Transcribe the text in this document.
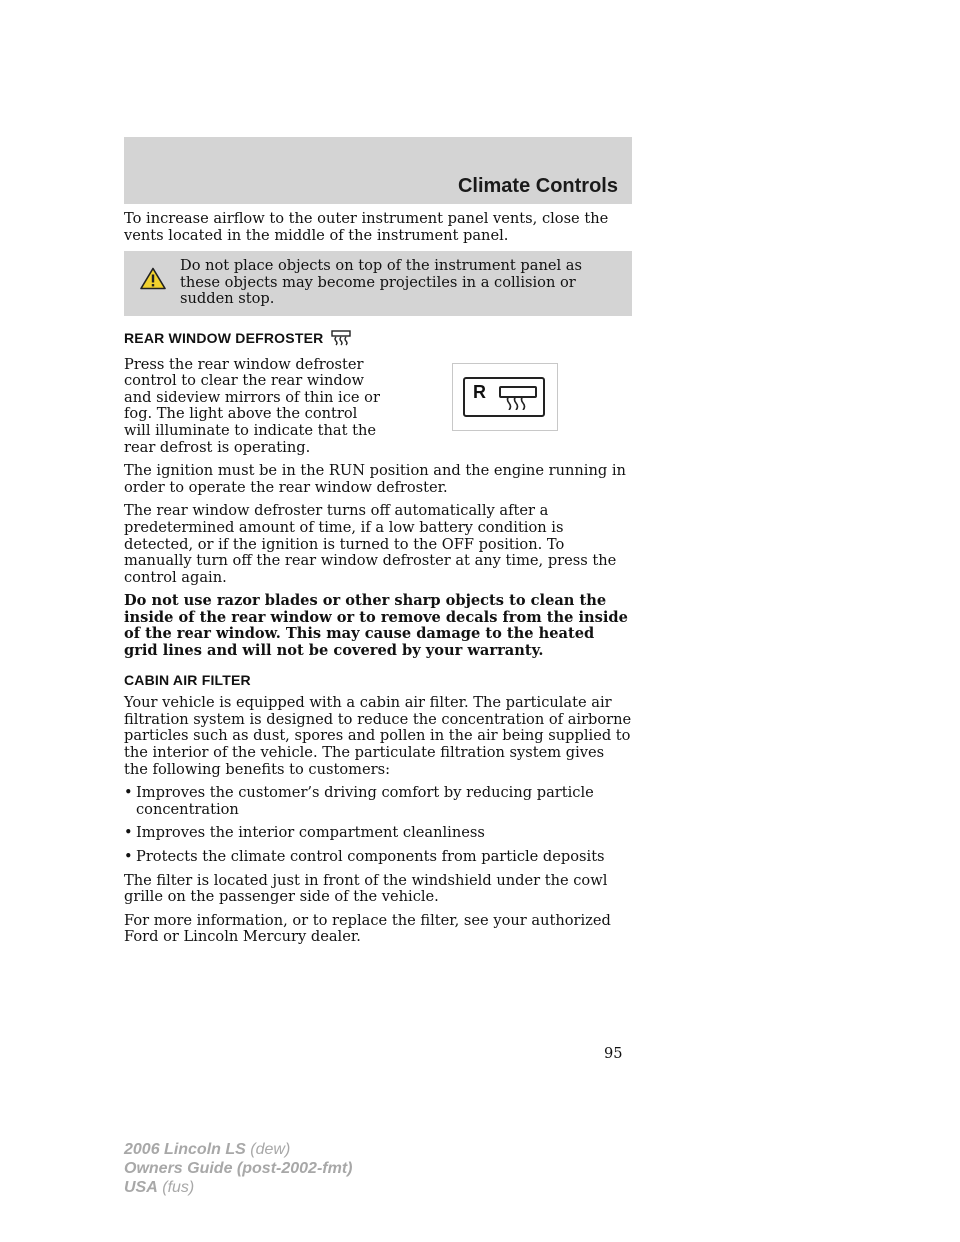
Climate Controls

To increase airflow to the outer instrument panel vents, close the vents located in the middle of the instrument panel.

Do not place objects on top of the instrument panel as these objects may become projectiles in a collision or sudden stop.
REAR WINDOW DEFROSTER
R

Press the rear window defroster control to clear the rear window and sideview mirrors of thin ice or fog. The light above the control will illuminate to indicate that the rear defrost is operating.

The ignition must be in the RUN position and the engine running in order to operate the rear window defroster.

The rear window defroster turns off automatically after a predetermined amount of time, if a low battery condition is detected, or if the ignition is turned to the OFF position. To manually turn off the rear window defroster at any time, press the control again.

Do not use razor blades or other sharp objects to clean the inside of the rear window or to remove decals from the inside of the rear window. This may cause damage to the heated grid lines and will not be covered by your warranty.

CABIN AIR FILTER

Your vehicle is equipped with a cabin air filter. The particulate air filtration system is designed to reduce the concentration of airborne particles such as dust, spores and pollen in the air being supplied to the interior of the vehicle. The particulate filtration system gives the following benefits to customers:

• Improves the customer’s driving comfort by reducing particle concentration
• Improves the interior compartment cleanliness
• Protects the climate control components from particle deposits

The filter is located just in front of the windshield under the cowl grille on the passenger side of the vehicle.

For more information, or to replace the filter, see your authorized Ford or Lincoln Mercury dealer.

95
2006 Lincoln LS (dew)
Owners Guide (post-2002-fmt)
USA (fus)
